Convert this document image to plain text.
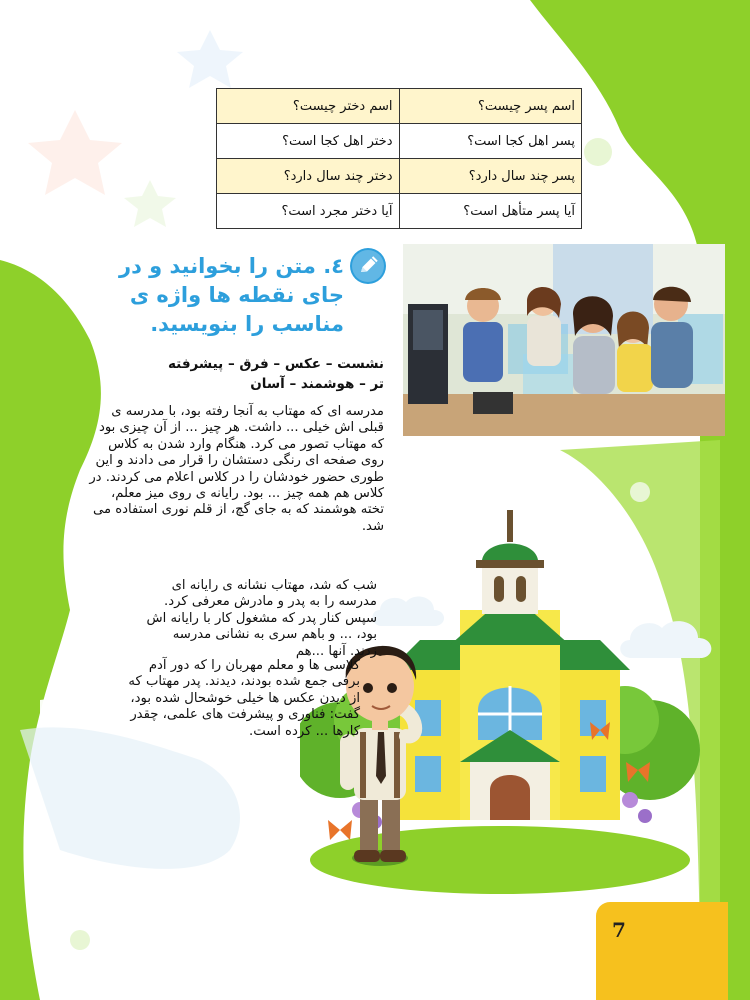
اسم پسر چیست؟	اسم دختر چیست؟
پسر اهل کجا است؟	دختر اهل کجا است؟
پسر چند سال دارد؟	دختر چند سال دارد؟
آیا پسر متأهل است؟	آیا دختر مجرد است؟
٤. متن را بخوانید و در جای نقطه ها واژه ی مناسب را بنویسید.
نشست – عکس – فرق – پیشرفته تر – هوشمند – آسان
مدرسه ای که مهتاب به آنجا رفته بود، با مدرسه ی قبلی اش خیلی ... داشت. هر چیز ... از آن چیزی بود که مهتاب تصور می کرد. هنگام وارد شدن به کلاس روی صفحه ای رنگی دستشان را قرار می دادند و این طوری حضور خودشان را در کلاس اعلام می کردند. در کلاس هم همه چیز ... بود. رایانه ی روی میز معلم، تخته هوشمند که به جای گچ، از قلم نوری استفاده می شد.
شب که شد، مهتاب نشانه ی رایانه ای مدرسه را به پدر و مادرش معرفی کرد. سپس کنار پدر که مشغول کار با رایانه اش بود، ... و باهم سری به نشانی مدرسه زدند. آنها ...هم
کلاسی ها و معلم مهربان را که دور آدم برفی جمع شده بودند، دیدند. پدر مهتاب که از دیدن عکس ها خیلی خوشحال شده بود، گفت: فناوری و پیشرفت های علمی، چقدر کارها ... کرده است.
7
